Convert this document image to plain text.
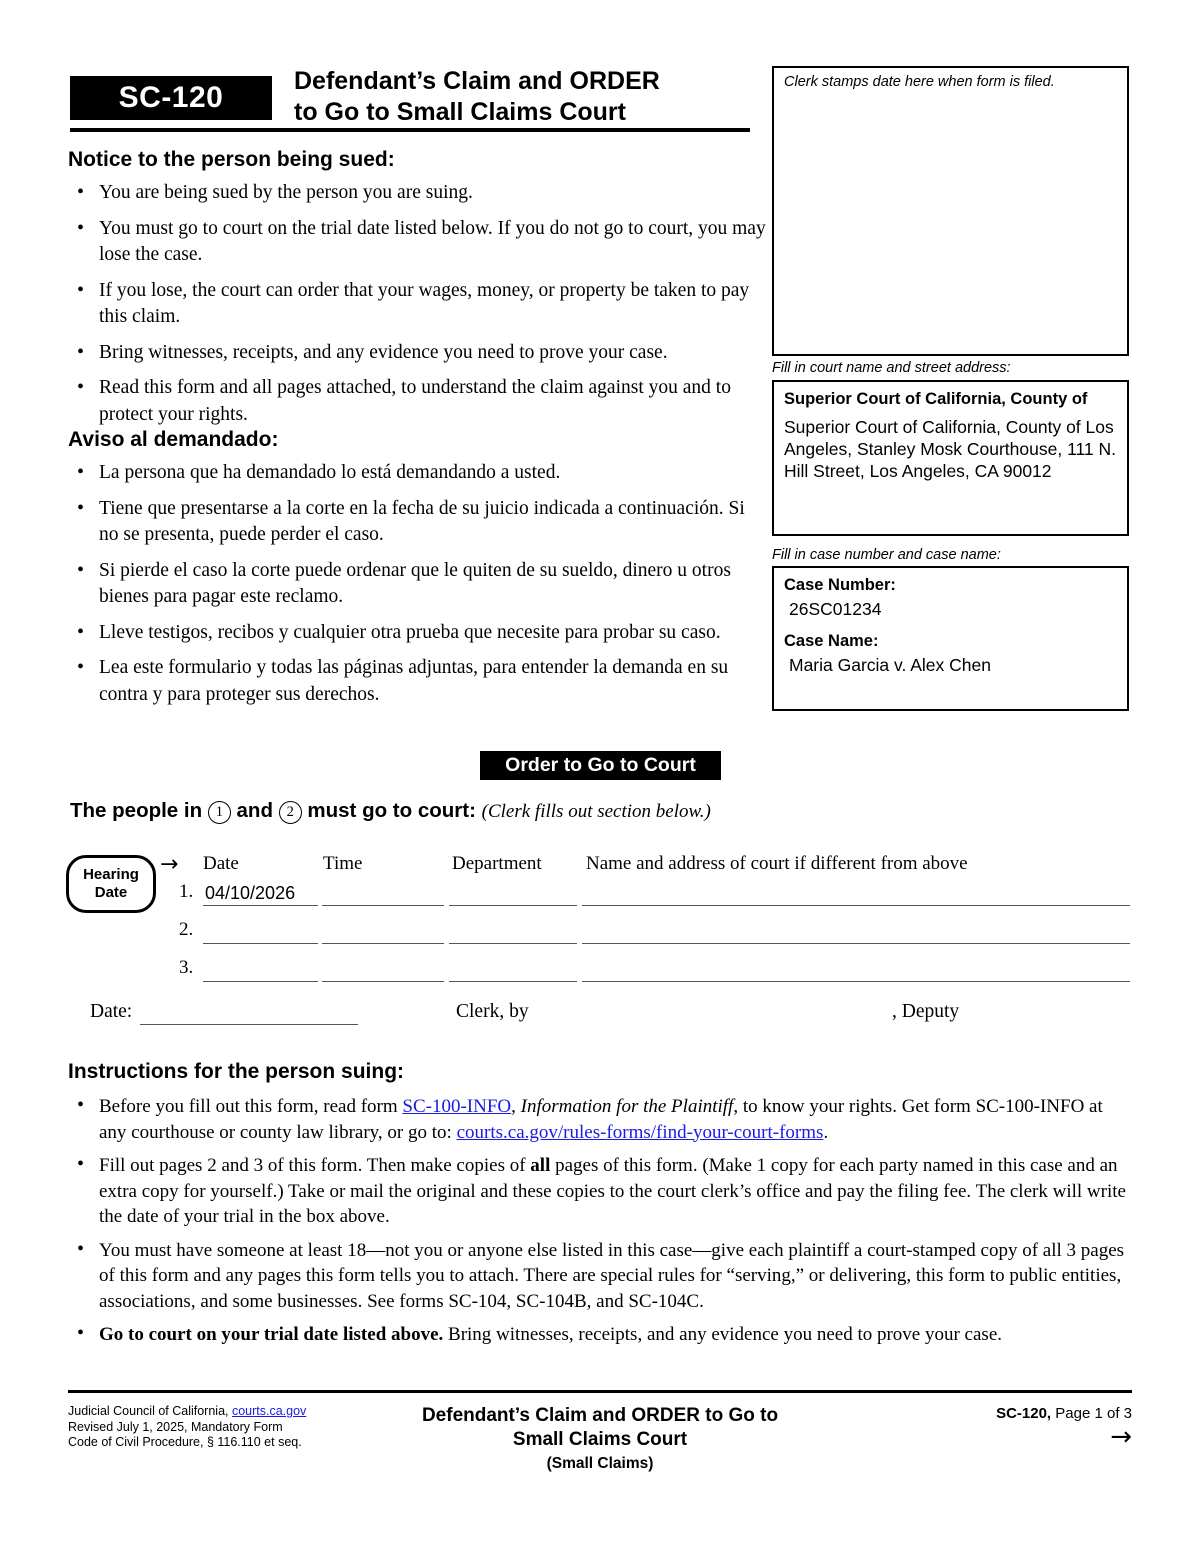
SC-120	Defendant’s Claim and ORDER
to Go to Small Claims Court
Notice to the person being sued:
• You are being sued by the person you are suing.
• You must go to court on the trial date listed below. If you do not go to court, you may lose the case.
• If you lose, the court can order that your wages, money, or property be taken to pay this claim.
• Bring witnesses, receipts, and any evidence you need to prove your case.
• Read this form and all pages attached, to understand the claim against you and to protect your rights.
Aviso al demandado:
• La persona que ha demandado lo está demandando a usted.
• Tiene que presentarse a la corte en la fecha de su juicio indicada a continuación. Si no se presenta, puede perder el caso.
• Si pierde el caso la corte puede ordenar que le quiten de su sueldo, dinero u otros bienes para pagar este reclamo.
• Lleve testigos, recibos y cualquier otra prueba que necesite para probar su caso.
• Lea este formulario y todas las páginas adjuntas, para entender la demanda en su contra y para proteger sus derechos.
Clerk stamps date here when form is filed.
Fill in court name and street address:
Superior Court of California, County of
Superior Court of California, County of Los Angeles, Stanley Mosk Courthouse, 111 N. Hill Street, Los Angeles, CA 90012
Fill in case number and case name:
Case Number:
26SC01234
Case Name:
Maria Garcia v. Alex Chen
Order to Go to Court
The people in 1 and 2 must go to court: (Clerk fills out section below.)
Hearing
Date
→ Date	Time	Department Name and address of court if different from above
1. 04/10/2026
2.
3.
Date:	Clerk, by	, Deputy
Instructions for the person suing:
• Before you fill out this form, read form SC-100-INFO, Information for the Plaintiff, to know your rights. Get form SC-100-INFO at any courthouse or county law library, or go to: courts.ca.gov/rules-forms/find-your-court-forms.
• Fill out pages 2 and 3 of this form. Then make copies of all pages of this form. (Make 1 copy for each party named in this case and an extra copy for yourself.) Take or mail the original and these copies to the court clerk’s office and pay the filing fee. The clerk will write the date of your trial in the box above.
• You must have someone at least 18—not you or anyone else listed in this case—give each plaintiff a court-stamped copy of all 3 pages of this form and any pages this form tells you to attach. There are special rules for “serving,” or delivering, this form to public entities, associations, and some businesses. See forms SC-104, SC-104B, and SC-104C.
• Go to court on your trial date listed above. Bring witnesses, receipts, and any evidence you need to prove your case.
Judicial Council of California, courts.ca.gov
Revised July 1, 2025, Mandatory Form
Code of Civil Procedure, § 116.110 et seq.
Defendant’s Claim and ORDER to Go to
Small Claims Court
(Small Claims)
SC-120, Page 1 of 3
→
